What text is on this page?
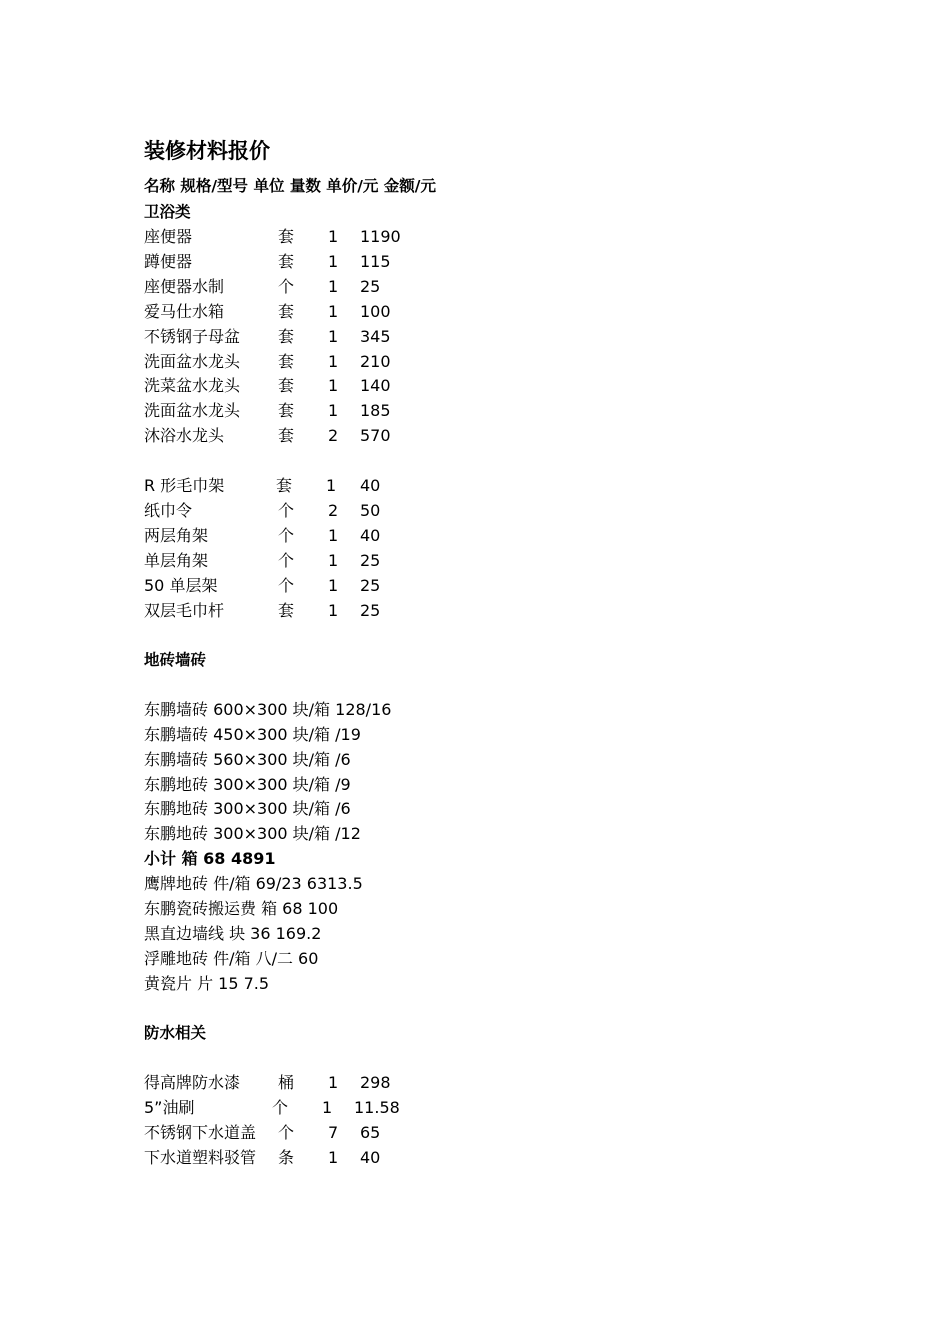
装修材料报价
名称 规格/型号 单位 量数 单价/元 金额/元
卫浴类
座便器	套 1 1190
蹲便器	套 1 115
座便器水制	个 1 25
爱马仕水箱	套 1 100
不锈钢子母盆 套 1 345
洗面盆水龙头 套 1 210
洗菜盆水龙头 套 1 140
洗面盆水龙头 套 1 185
沐浴水龙头	套 2 570
R 形毛巾架	套 1 40
纸巾令	个 2 50
两层角架	个 1 40
单层角架	个 1 25
50 单层架	个 1 25
双层毛巾杆	套 1 25
地砖墙砖
东鹏墙砖 600×300 块/箱 128/16
东鹏墙砖 450×300 块/箱 /19
东鹏墙砖 560×300 块/箱 /6
东鹏地砖 300×300 块/箱 /9
东鹏地砖 300×300 块/箱 /6
东鹏地砖 300×300 块/箱 /12
小计 箱 68 4891
鹰牌地砖 件/箱 69/23 6313.5
东鹏瓷砖搬运费 箱 68 100
黑直边墙线 块 36 169.2
浮雕地砖 件/箱 八/二 60
黄瓷片 片 15 7.5
防水相关
得高牌防水漆 桶 1 298
5”油刷	个 1 11.58
不锈钢下水道盖 个 7 65
下水道塑料驳管 条 1 40
